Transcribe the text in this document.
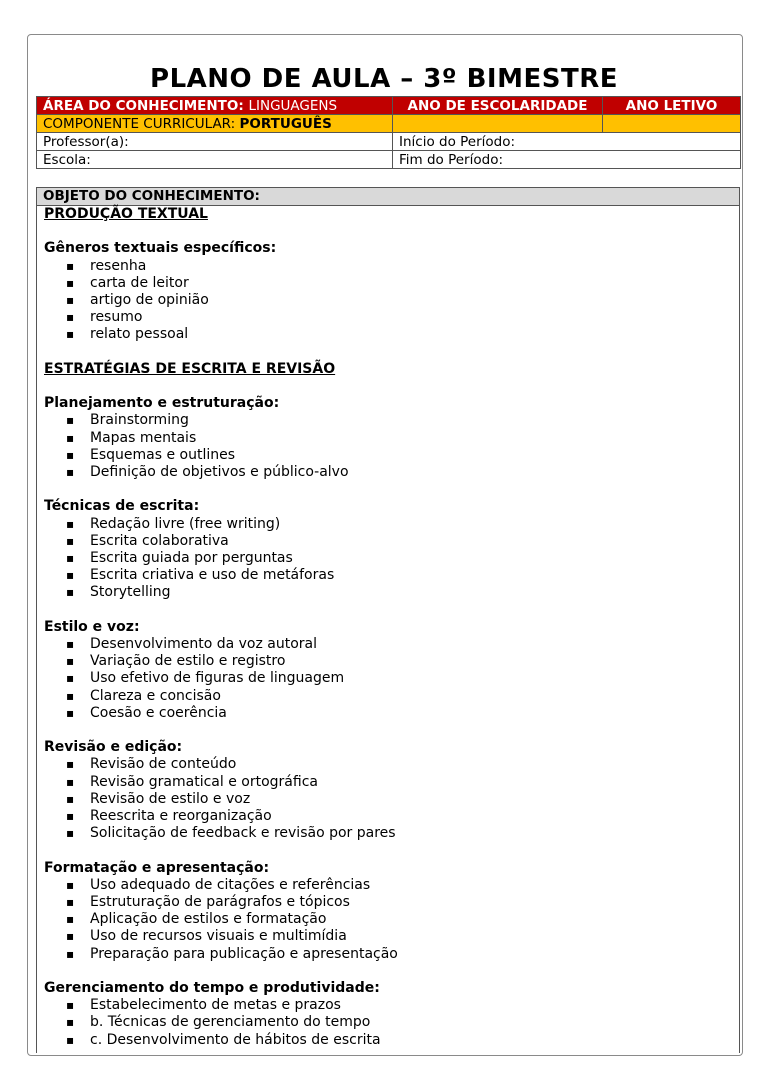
PLANO DE AULA – 3º BIMESTRE
ÁREA DO CONHECIMENTO: LINGUAGENS	ANO DE ESCOLARIDADE	ANO LETIVO
COMPONENTE CURRICULAR: PORTUGUÊS		
Professor(a):	Início do Período:	
Escola:	Fim do Período:	
OBJETO DO CONHECIMENTO:
PRODUÇÃO TEXTUAL
Gêneros textuais específicos:
▪ resenha
▪ carta de leitor
▪ artigo de opinião
▪ resumo
▪ relato pessoal
ESTRATÉGIAS DE ESCRITA E REVISÃO
Planejamento e estruturação:
▪ Brainstorming
▪ Mapas mentais
▪ Esquemas e outlines
▪ Definição de objetivos e público-alvo
Técnicas de escrita:
▪ Redação livre (free writing)
▪ Escrita colaborativa
▪ Escrita guiada por perguntas
▪ Escrita criativa e uso de metáforas
▪ Storytelling
Estilo e voz:
▪ Desenvolvimento da voz autoral
▪ Variação de estilo e registro
▪ Uso efetivo de figuras de linguagem
▪ Clareza e concisão
▪ Coesão e coerência
Revisão e edição:
▪ Revisão de conteúdo
▪ Revisão gramatical e ortográfica
▪ Revisão de estilo e voz
▪ Reescrita e reorganização
▪ Solicitação de feedback e revisão por pares
Formatação e apresentação:
▪ Uso adequado de citações e referências
▪ Estruturação de parágrafos e tópicos
▪ Aplicação de estilos e formatação
▪ Uso de recursos visuais e multimídia
▪ Preparação para publicação e apresentação
Gerenciamento do tempo e produtividade:
▪ Estabelecimento de metas e prazos
▪ b. Técnicas de gerenciamento do tempo
▪ c. Desenvolvimento de hábitos de escrita
